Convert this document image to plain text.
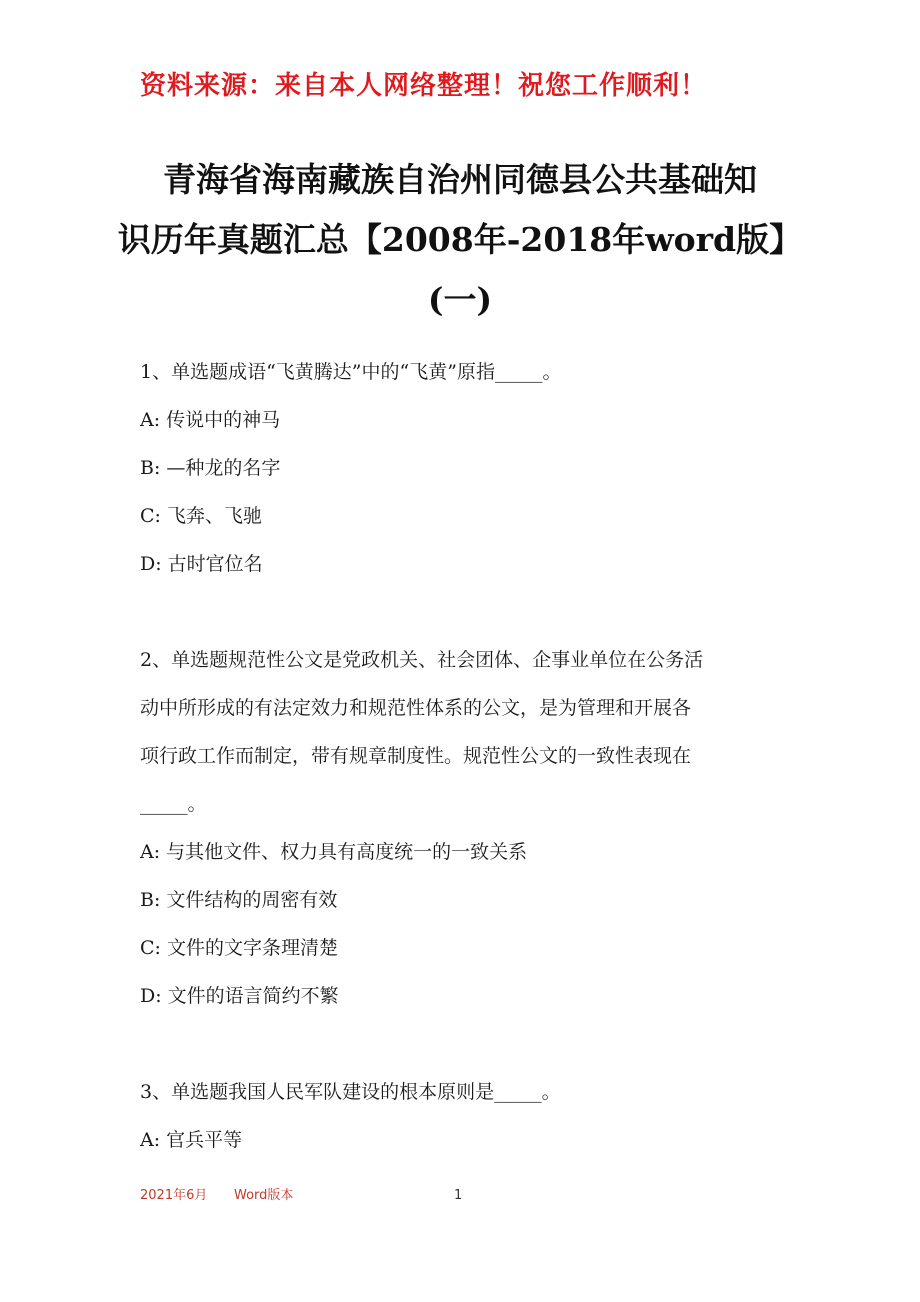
资料来源：来自本人网络整理！祝您工作顺利！
青海省海南藏族自治州同德县公共基础知
识历年真题汇总【2008年-2018年word版】
(一)

1、单选题成语“飞黄腾达”中的“飞黄”原指_____。

A: 传说中的神马

B: —种龙的名字

C: 飞奔、飞驰

D: 古时官位名

2、单选题规范性公文是党政机关、社会团体、企事业单位在公务活
动中所形成的有法定效力和规范性体系的公文，是为管理和开展各
项行政工作而制定，带有规章制度性。规范性公文的一致性表现在
_____。

A: 与其他文件、权力具有高度统一的一致关系

B: 文件结构的周密有效

C: 文件的文字条理清楚

D: 文件的语言简约不繁

3、单选题我国人民军队建设的根本原则是_____。

A: 官兵平等

2021年6月 Word版本	1
